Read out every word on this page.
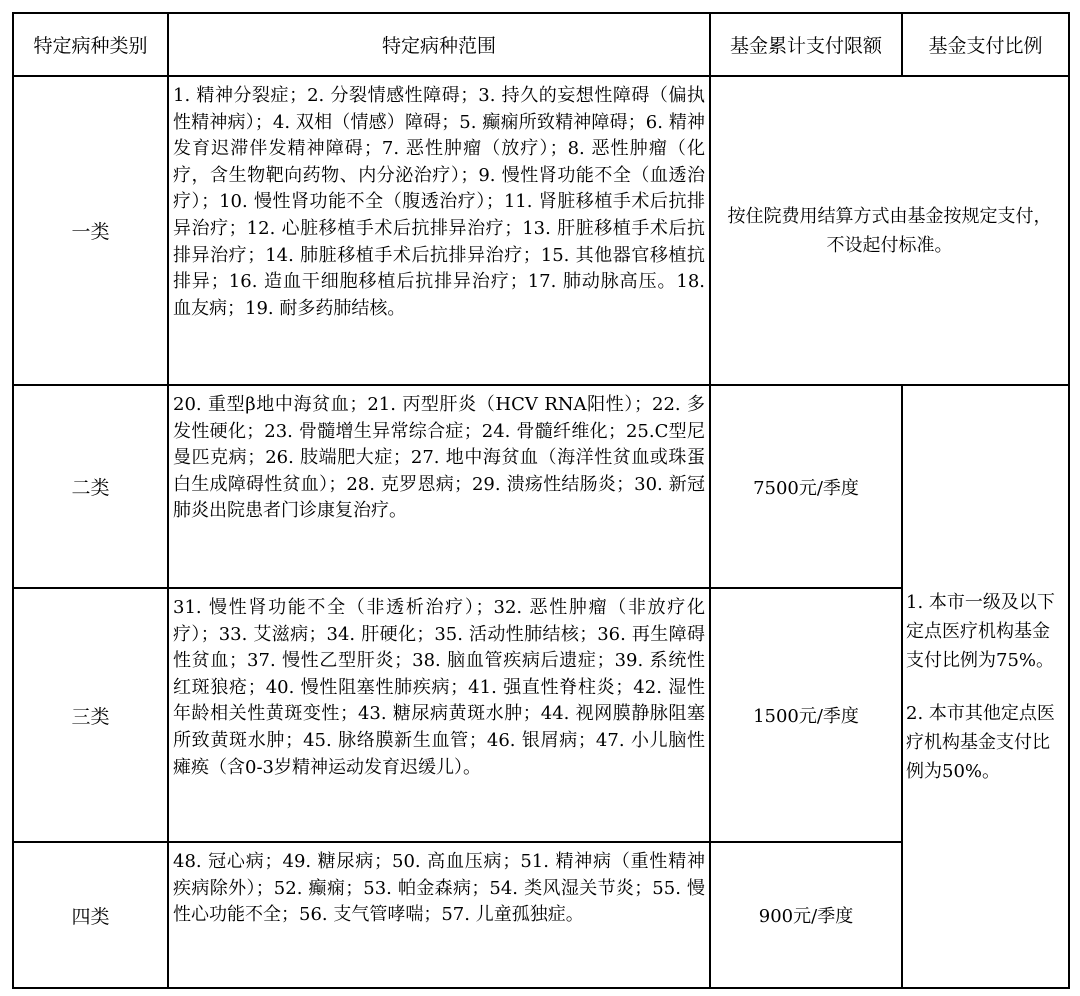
特定病种类别	特定病种范围	基金累计支付限额	基金支付比例
一类	1. 精神分裂症；2. 分裂情感性障碍；3. 持久的妄想性障碍（偏执性精神病）；4. 双相（情感）障碍；5. 癫痫所致精神障碍；6. 精神发育迟滞伴发精神障碍；7. 恶性肿瘤（放疗）；8. 恶性肿瘤（化疗，含生物靶向药物、内分泌治疗）；9. 慢性肾功能不全（血透治疗）；10. 慢性肾功能不全（腹透治疗）；11. 肾脏移植手术后抗排异治疗；12. 心脏移植手术后抗排异治疗；13. 肝脏移植手术后抗排异治疗；14. 肺脏移植手术后抗排异治疗；15. 其他器官移植抗排异；16. 造血干细胞移植后抗排异治疗；17. 肺动脉高压。18. 血友病；19. 耐多药肺结核。	按住院费用结算方式由基金按规定支付，不设起付标准。	
二类	20. 重型β地中海贫血；21. 丙型肝炎（HCV RNA阳性）；22. 多发性硬化；23. 骨髓增生异常综合症；24. 骨髓纤维化；25.C型尼曼匹克病；26. 肢端肥大症；27. 地中海贫血（海洋性贫血或珠蛋白生成障碍性贫血）；28. 克罗恩病；29. 溃疡性结肠炎；30. 新冠肺炎出院患者门诊康复治疗。	7500元/季度	1. 本市一级及以下定点医疗机构基金支付比例为75%。

2. 本市其他定点医疗机构基金支付比例为50%。

三类	31. 慢性肾功能不全（非透析治疗）；32. 恶性肿瘤（非放疗化疗）；33. 艾滋病；34. 肝硬化；35. 活动性肺结核；36. 再生障碍性贫血；37. 慢性乙型肝炎；38. 脑血管疾病后遗症；39. 系统性红斑狼疮；40. 慢性阻塞性肺疾病；41. 强直性脊柱炎；42. 湿性年龄相关性黄斑变性；43. 糖尿病黄斑水肿；44. 视网膜静脉阻塞所致黄斑水肿；45. 脉络膜新生血管；46. 银屑病；47. 小儿脑性瘫痪（含0-3岁精神运动发育迟缓儿）。	1500元/季度	
四类	48. 冠心病；49. 糖尿病；50. 高血压病；51. 精神病（重性精神疾病除外）；52. 癫痫；53. 帕金森病；54. 类风湿关节炎；55. 慢性心功能不全；56. 支气管哮喘；57. 儿童孤独症。	900元/季度	
